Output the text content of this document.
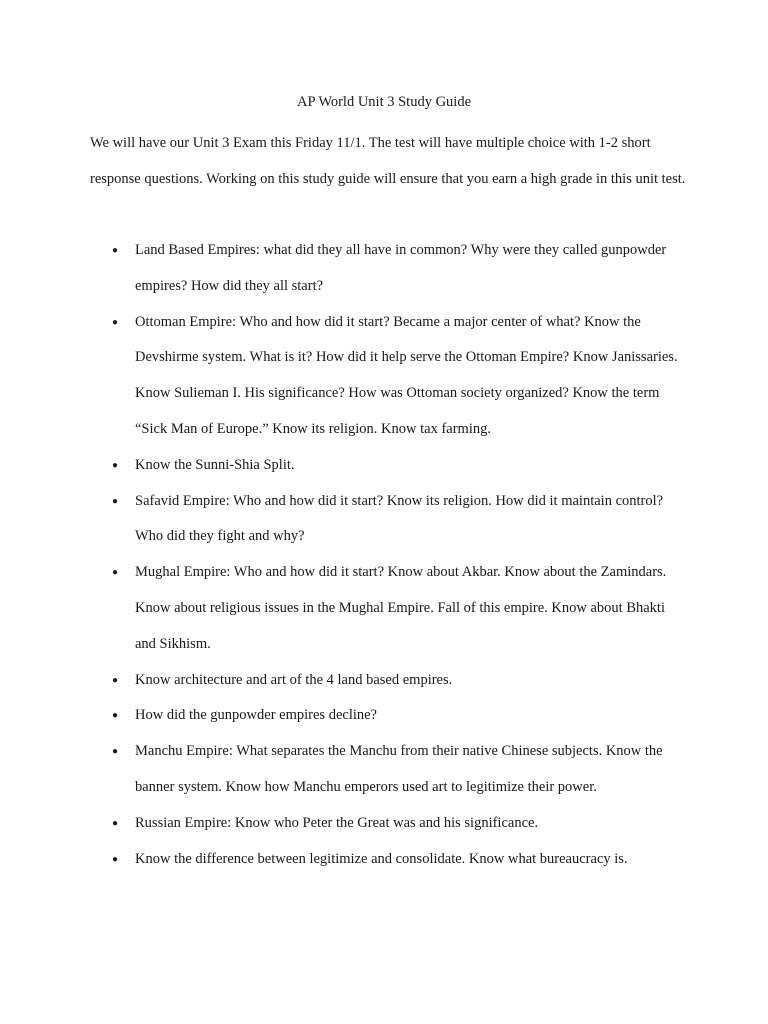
AP World Unit 3 Study Guide

We will have our Unit 3 Exam this Friday 11/1. The test will have multiple choice with 1-2 short response questions. Working on this study guide will ensure that you earn a high grade in this unit test.

● Land Based Empires: what did they all have in common? Why were they called gunpowder empires? How did they all start?
● Ottoman Empire: Who and how did it start? Became a major center of what? Know the Devshirme system. What is it? How did it help serve the Ottoman Empire? Know Janissaries. Know Sulieman I. His significance? How was Ottoman society organized? Know the term “Sick Man of Europe.” Know its religion. Know tax farming.
● Know the Sunni-Shia Split.
● Safavid Empire: Who and how did it start? Know its religion. How did it maintain control? Who did they fight and why?
● Mughal Empire: Who and how did it start? Know about Akbar. Know about the Zamindars. Know about religious issues in the Mughal Empire. Fall of this empire. Know about Bhakti and Sikhism.
● Know architecture and art of the 4 land based empires.
● How did the gunpowder empires decline?
● Manchu Empire: What separates the Manchu from their native Chinese subjects. Know the banner system. Know how Manchu emperors used art to legitimize their power.
● Russian Empire: Know who Peter the Great was and his significance.
● Know the difference between legitimize and consolidate. Know what bureaucracy is.
